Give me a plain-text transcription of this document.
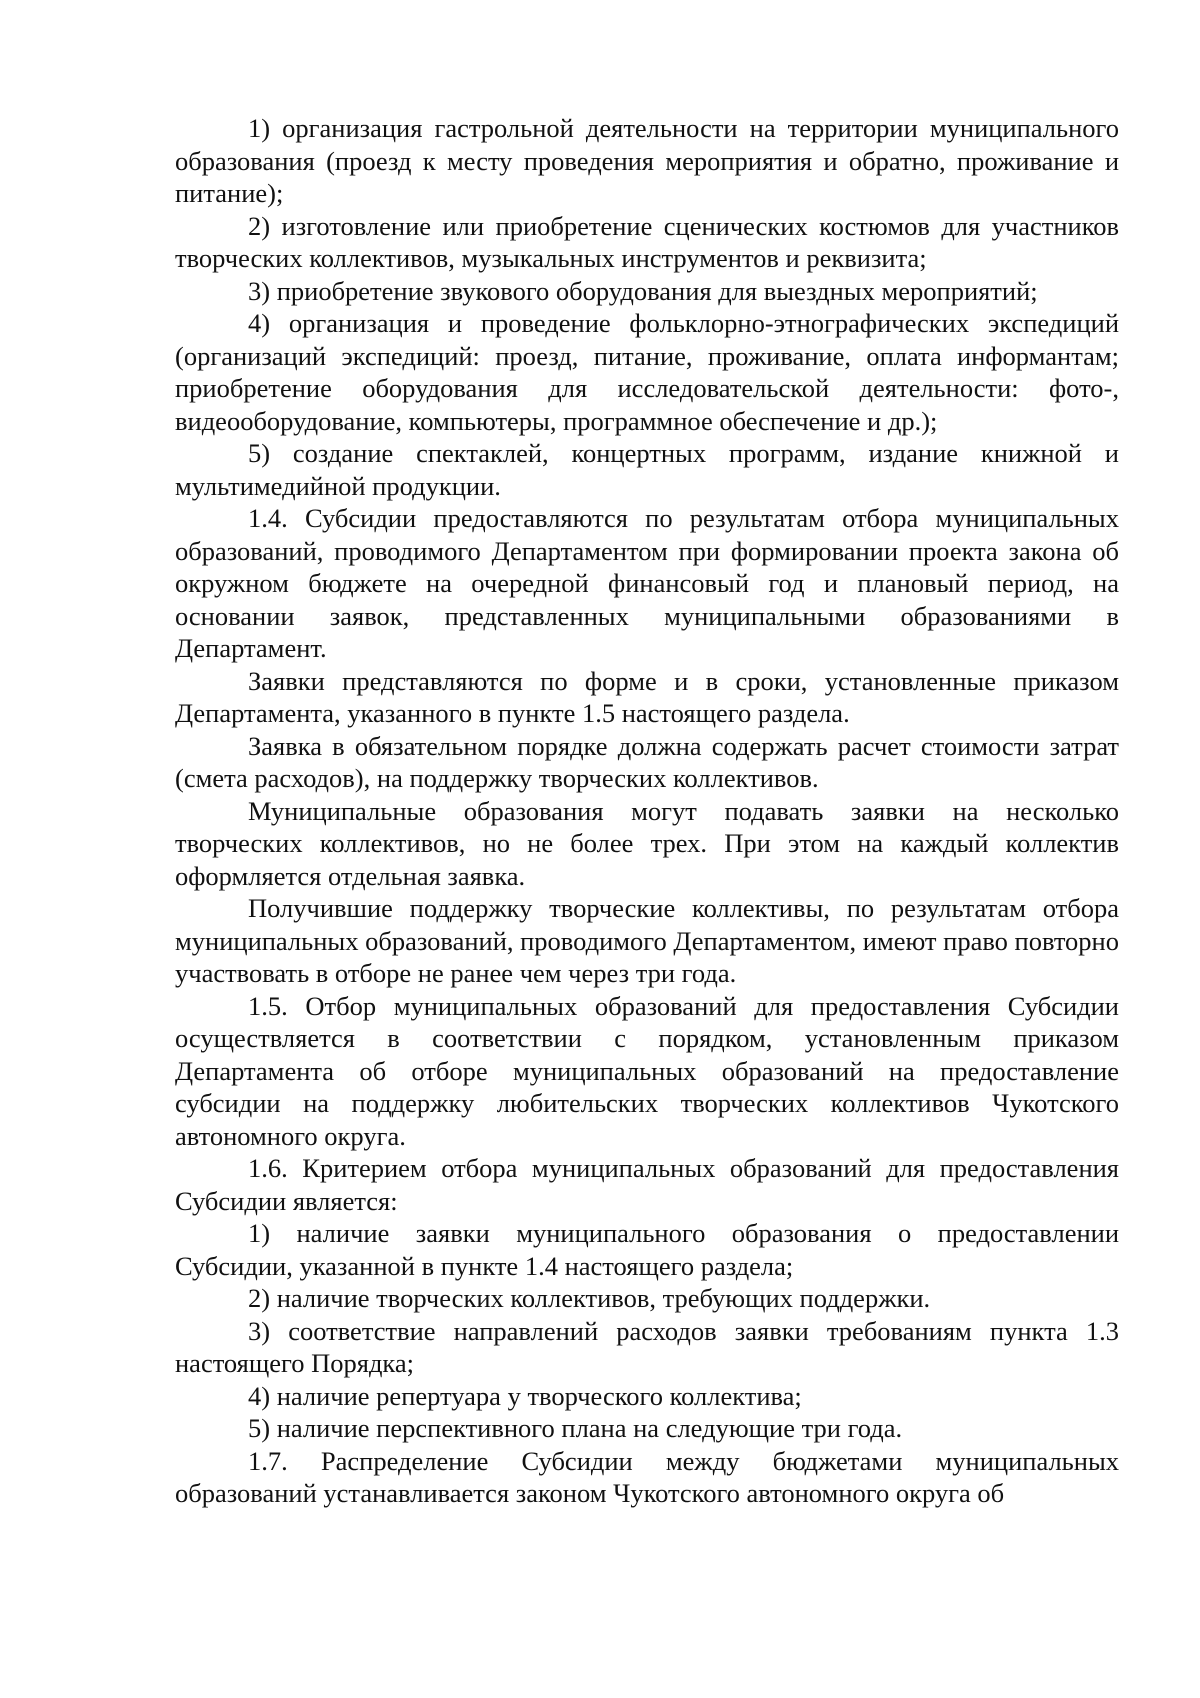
1) организация гастрольной деятельности на территории муниципального образования (проезд к месту проведения мероприятия и обратно, проживание и питание);

2) изготовление или приобретение сценических костюмов для участников творческих коллективов, музыкальных инструментов и реквизита;

3) приобретение звукового оборудования для выездных мероприятий;

4) организация и проведение фольклорно-этнографических экспедиций (организаций экспедиций: проезд, питание, проживание, оплата информантам; приобретение оборудования для исследовательской деятельности: фото-, видеооборудование, компьютеры, программное обеспечение и др.);

5) создание спектаклей, концертных программ, издание книжной и мультимедийной продукции.

1.4. Субсидии предоставляются по результатам отбора муниципальных образований, проводимого Департаментом при формировании проекта закона об окружном бюджете на очередной финансовый год и плановый период, на основании заявок, представленных муниципальными образованиями в Департамент.

Заявки представляются по форме и в сроки, установленные приказом Департамента, указанного в пункте 1.5 настоящего раздела.

Заявка в обязательном порядке должна содержать расчет стоимости затрат (смета расходов), на поддержку творческих коллективов.

Муниципальные образования могут подавать заявки на несколько творческих коллективов, но не более трех. При этом на каждый коллектив оформляется отдельная заявка.

Получившие поддержку творческие коллективы, по результатам отбора муниципальных образований, проводимого Департаментом, имеют право повторно участвовать в отборе не ранее чем через три года.

1.5. Отбор муниципальных образований для предоставления Субсидии осуществляется в соответствии с порядком, установленным приказом Департамента об отборе муниципальных образований на предоставление субсидии на поддержку любительских творческих коллективов Чукотского автономного округа.

1.6. Критерием отбора муниципальных образований для предоставления Субсидии является:

1) наличие заявки муниципального образования о предоставлении Субсидии, указанной в пункте 1.4 настоящего раздела;

2) наличие творческих коллективов, требующих поддержки.

3) соответствие направлений расходов заявки требованиям пункта 1.3 настоящего Порядка;

4) наличие репертуара у творческого коллектива;

5) наличие перспективного плана на следующие три года.

1.7. Распределение Субсидии между бюджетами муниципальных образований устанавливается законом Чукотского автономного округа об
